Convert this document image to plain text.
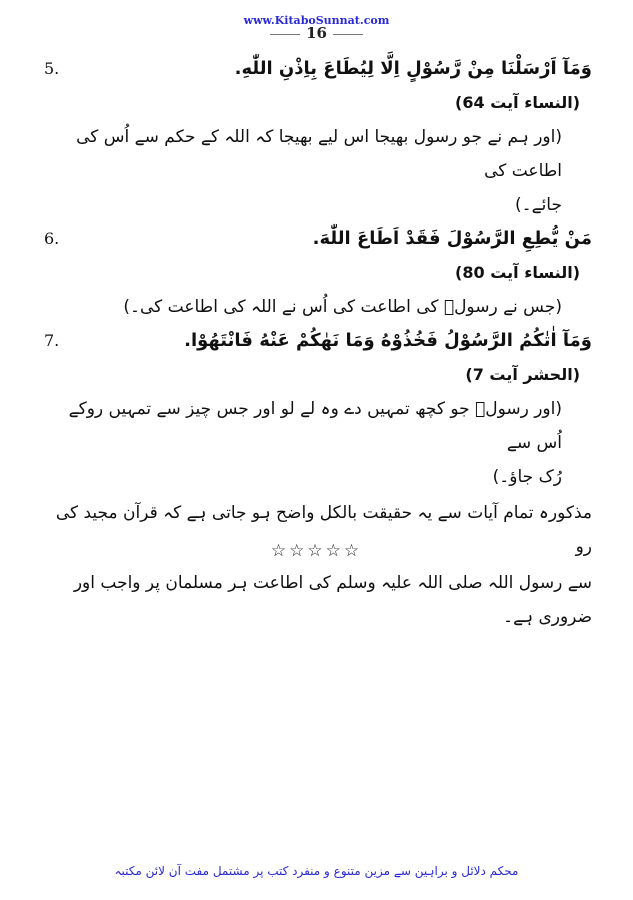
www.KitaboSunnat.com
16

وَمَآ اَرْسَلْنَا مِنْ رَّسُوْلٍ اِلَّا لِيُطَاعَ بِاِذْنِ اللّٰهِ.
5.

(النساء آیت 64)

(اور ہم نے جو رسول بھیجا اس لیے بھیجا کہ اللہ کے حکم سے اُس کی اطاعت کی

جائے۔)

مَنْ يُّطِعِ الرَّسُوْلَ فَقَدْ اَطَاعَ اللّٰهَ.
6.

(النساء آیت 80)

(جس نے رسولؐ کی اطاعت کی اُس نے اللہ کی اطاعت کی۔)

وَمَآ اٰتٰكُمُ الرَّسُوْلُ فَخُذُوْهُ وَمَا نَهٰكُمْ عَنْهُ فَانْتَهُوْا.
7.

(الحشر آیت 7)

(اور رسولؐ جو کچھ تمہیں دے وہ لے لو اور جس چیز سے تمہیں روکے اُس سے

رُک جاؤ۔)

مذکورہ تمام آیات سے یہ حقیقت بالکل واضح ہو جاتی ہے کہ قرآن مجید کی رو

سے رسول اللہ صلی اللہ علیہ وسلم کی اطاعت ہر مسلمان پر واجب اور ضروری ہے۔

☆☆☆☆☆
محکم دلائل و براہین سے مزین متنوع و منفرد کتب پر مشتمل مفت آن لائن مکتبہ
